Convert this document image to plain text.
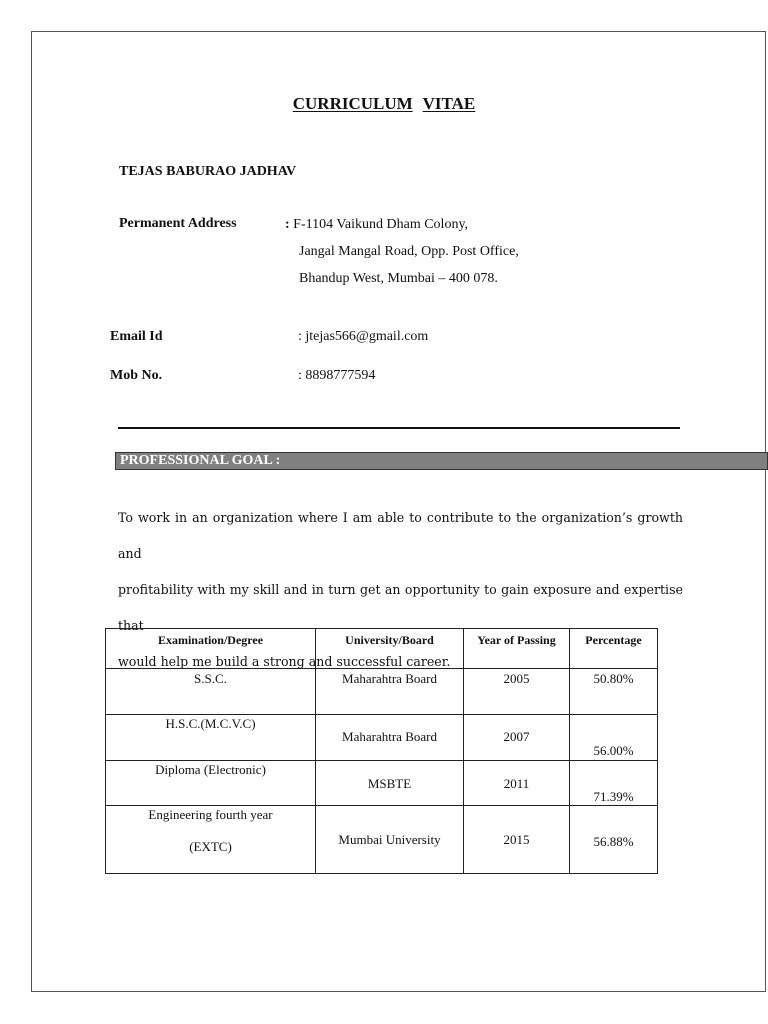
CURRICULUM VITAE
TEJAS BABURAO JADHAV
Permanent Address	: F-1104 Vaikund Dham Colony,
Jangal Mangal Road, Opp. Post Office,
Bhandup West, Mumbai – 400 078.
Email Id	: jtejas566@gmail.com
Mob No.	: 8898777594
PROFESSIONAL GOAL :
To work in an organization where I am able to contribute to the organization’s growth and
profitability with my skill and in turn get an opportunity to gain exposure and expertise that
would help me build a strong and successful career.
Examination/Degree	University/Board	Year of Passing	Percentage

S.S.C.	Maharahtra Board	2005	50.80%

H.S.C.(M.C.V.C)	Maharahtra Board	2007	56.00%

Diploma (Electronic)	MSBTE	2011	71.39%

Engineering fourth year
(EXTC)	Mumbai University	2015	56.88%
